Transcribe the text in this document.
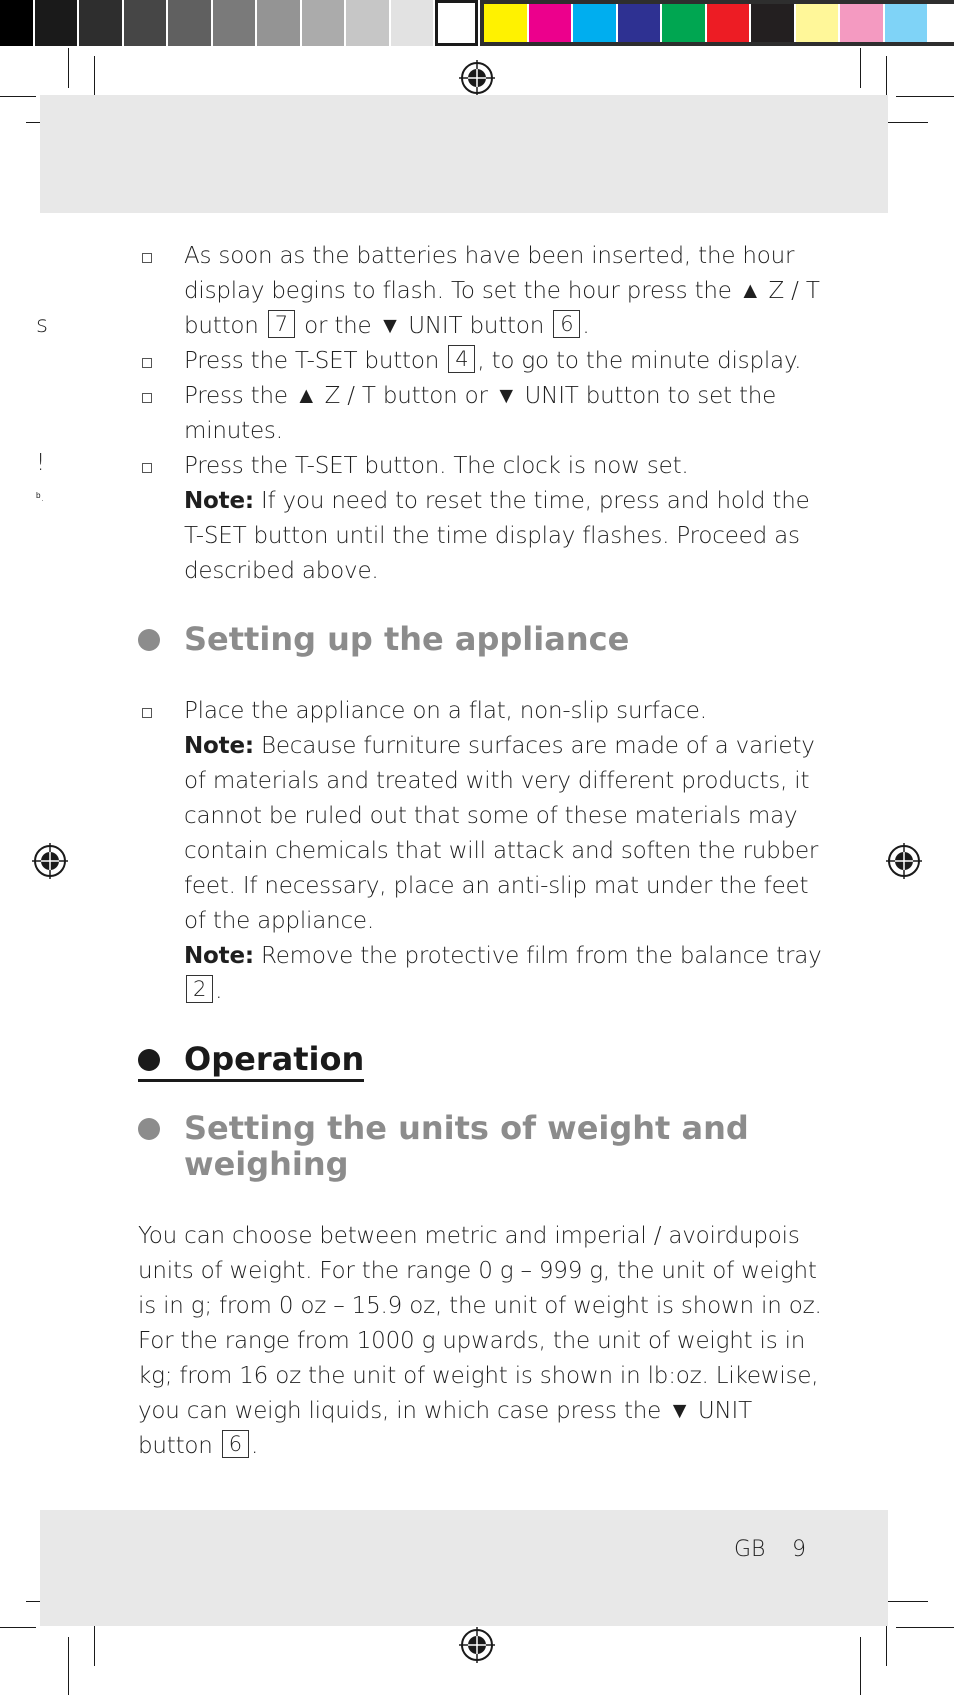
s
!
ᵇ.
As soon as the batteries have been inserted, the hour display begins to flash. To set the hour press the ▲ Z / T button 7 or the ▼ UNIT button 6 .
Press the T-SET button 4 , to go to the minute display.
Press the ▲ Z / T button or ▼ UNIT button to set the minutes.
Press the T-SET button. The clock is now set.
Note: If you need to reset the time, press and hold the T-SET button until the time display flashes. Proceed as described above.
Setting up the appliance
Place the appliance on a flat, non-slip surface.
Note: Because furniture surfaces are made of a variety of materials and treated with very different products, it cannot be ruled out that some of these materials may contain chemicals that will attack and soften the rubber feet. If necessary, place an anti-slip mat under the feet of the appliance.
Note: Remove the protective film from the balance tray 2 .
Operation
Setting the units of weight and weighing
You can choose between metric and imperial / avoirdupois units of weight. For the range 0 g – 999 g, the unit of weight is in g; from 0 oz – 15.9 oz, the unit of weight is shown in oz. For the range from 1000 g upwards, the unit of weight is in kg; from 16 oz the unit of weight is shown in lb:oz. Likewise, you can weigh liquids, in which case press the ▼ UNIT button 6 .
GB 9
